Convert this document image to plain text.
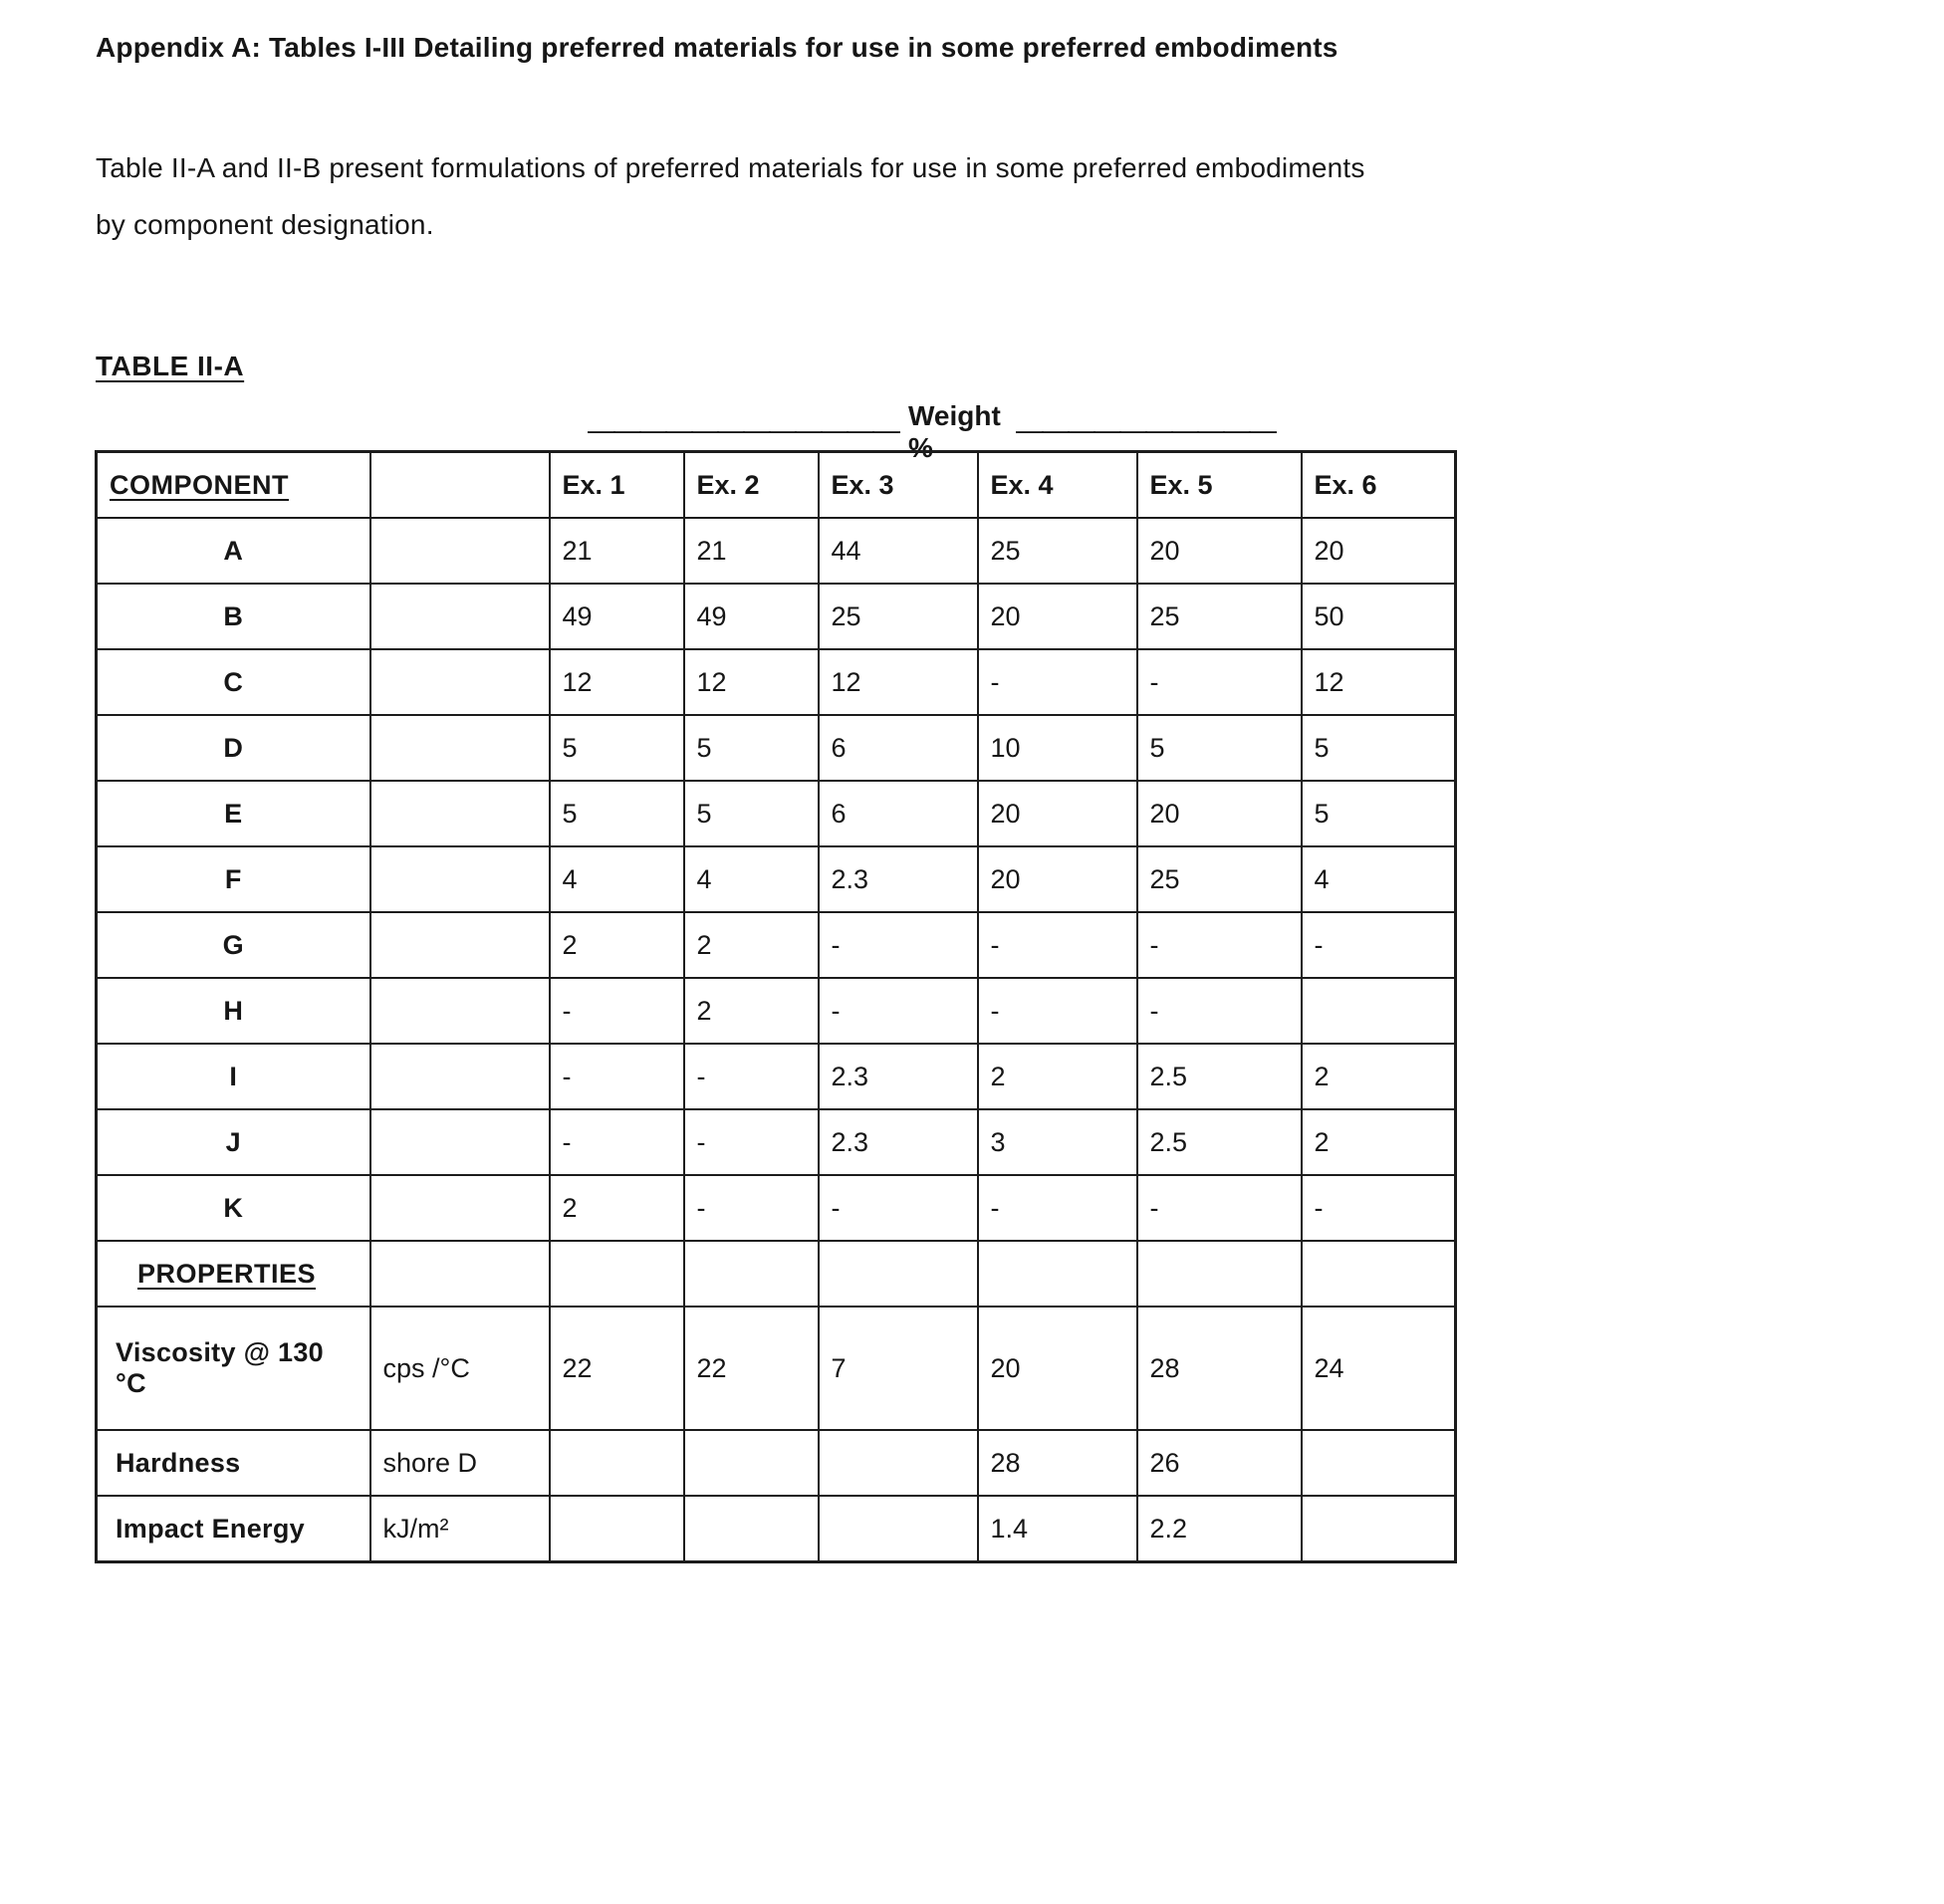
Appendix A: Tables I-III Detailing preferred materials for use in some preferred embodiments
Table II-A and II-B present formulations of preferred materials for use in some preferred embodiments
by component designation.
TABLE II-A
———————————— Weight %
——————————
COMPONENT		Ex. 1	Ex. 2	Ex. 3	Ex. 4	Ex. 5	Ex. 6
A		21	21	44	25	20	20
B		49	49	25	20	25	50
C		12	12	12	-	-	12
D		5	5	6	10	5	5
E		5	5	6	20	20	5
F		4	4	2.3	20	25	4
G		2	2	-	-	-	-
H		-	2	-	-	-	
I		-	-	2.3	2	2.5	2
J		-	-	2.3	3	2.5	2
K		2	-	-	-	-	-
PROPERTIES							
Viscosity @ 130
°C	cps /°C	22	22	7	20	28	24
Hardness	shore D				28	26	
Impact Energy	kJ/m²				1.4	2.2	
